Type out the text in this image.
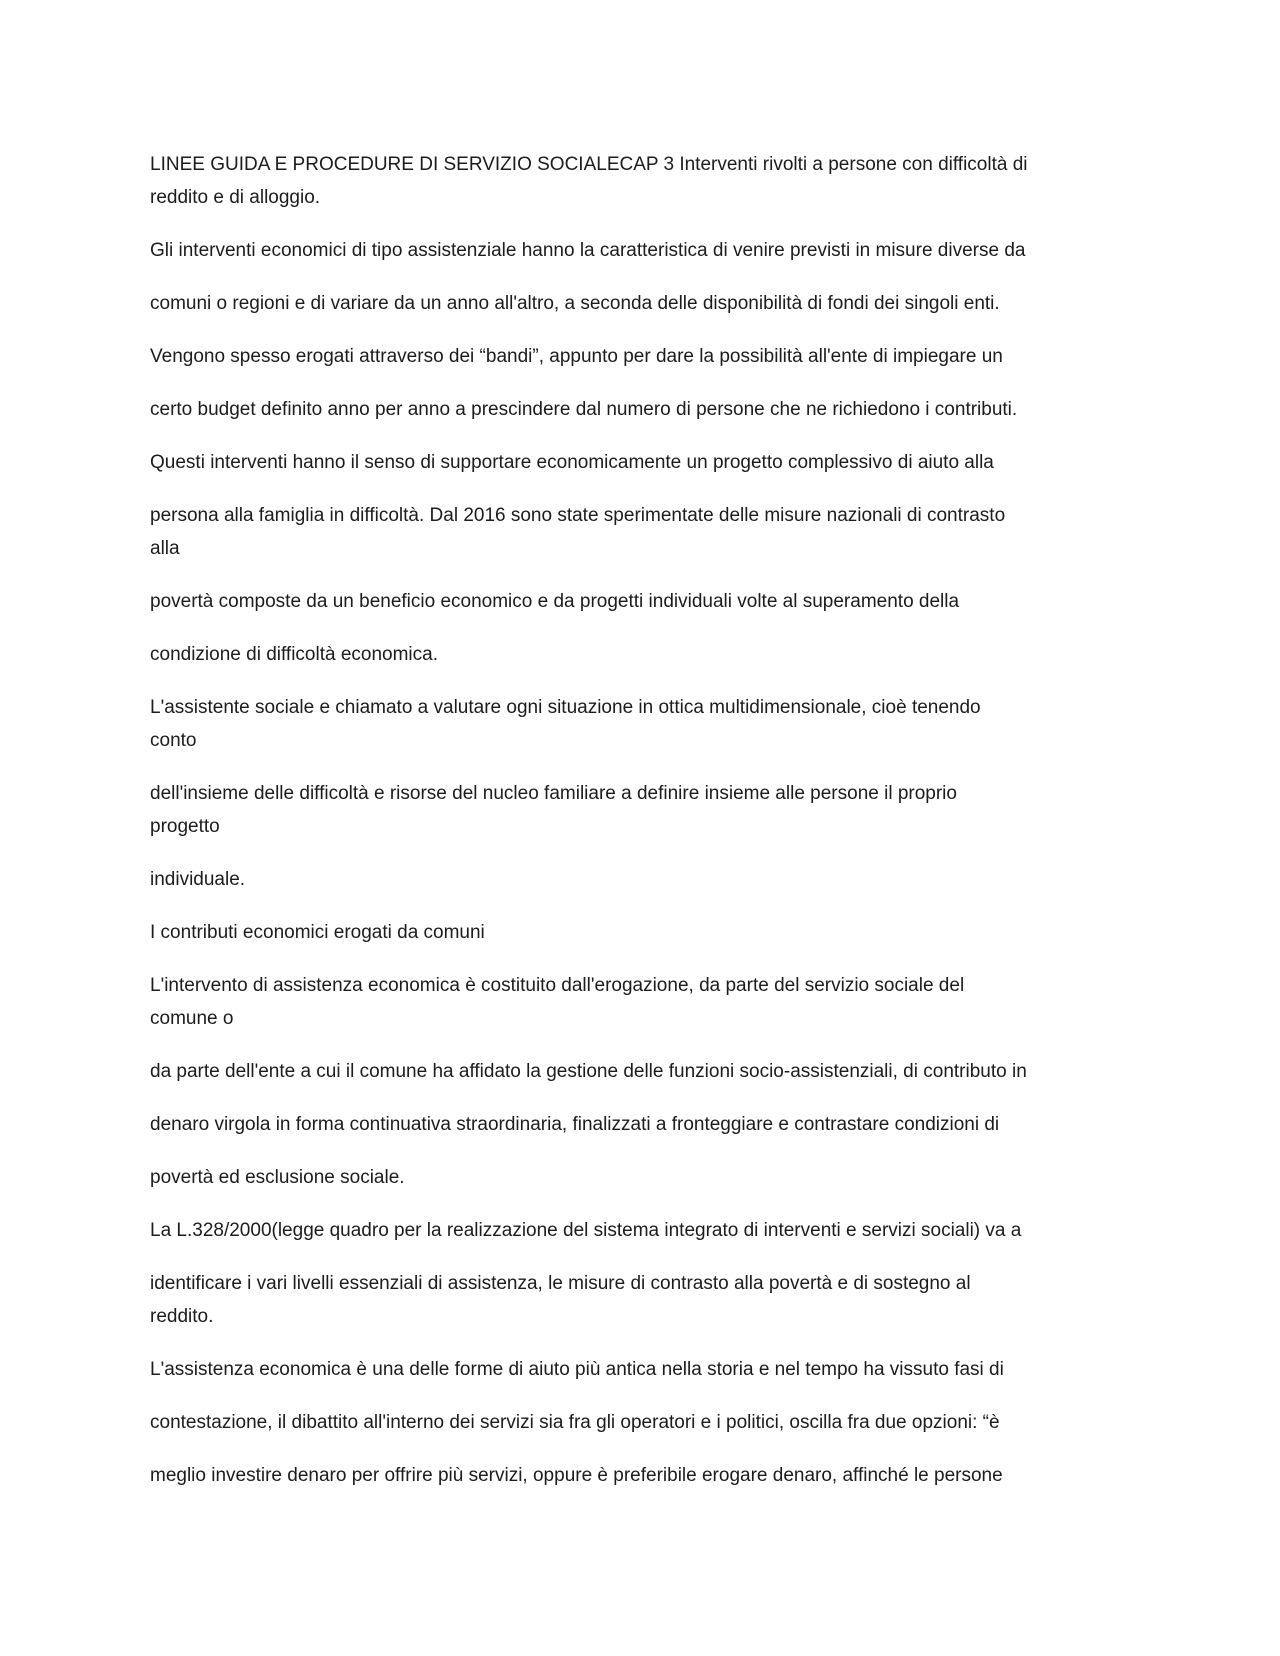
LINEE GUIDA E PROCEDURE DI SERVIZIO SOCIALECAP 3 Interventi rivolti a persone con difficoltà di
reddito e di alloggio.

Gli interventi economici di tipo assistenziale hanno la caratteristica di venire previsti in misure diverse da

comuni o regioni e di variare da un anno all'altro, a seconda delle disponibilità di fondi dei singoli enti.

Vengono spesso erogati attraverso dei “bandi”, appunto per dare la possibilità all'ente di impiegare un

certo budget definito anno per anno a prescindere dal numero di persone che ne richiedono i contributi.

Questi interventi hanno il senso di supportare economicamente un progetto complessivo di aiuto alla

persona alla famiglia in difficoltà. Dal 2016 sono state sperimentate delle misure nazionali di contrasto
alla

povertà composte da un beneficio economico e da progetti individuali volte al superamento della

condizione di difficoltà economica.

L'assistente sociale e chiamato a valutare ogni situazione in ottica multidimensionale, cioè tenendo
conto

dell'insieme delle difficoltà e risorse del nucleo familiare a definire insieme alle persone il proprio
progetto

individuale.

I contributi economici erogati da comuni

L'intervento di assistenza economica è costituito dall'erogazione, da parte del servizio sociale del
comune o

da parte dell'ente a cui il comune ha affidato la gestione delle funzioni socio-assistenziali, di contributo in

denaro virgola in forma continuativa straordinaria, finalizzati a fronteggiare e contrastare condizioni di

povertà ed esclusione sociale.

La L.328/2000(legge quadro per la realizzazione del sistema integrato di interventi e servizi sociali) va a

identificare i vari livelli essenziali di assistenza, le misure di contrasto alla povertà e di sostegno al
reddito.

L'assistenza economica è una delle forme di aiuto più antica nella storia e nel tempo ha vissuto fasi di

contestazione, il dibattito all'interno dei servizi sia fra gli operatori e i politici, oscilla fra due opzioni: “è

meglio investire denaro per offrire più servizi, oppure è preferibile erogare denaro, affinché le persone
